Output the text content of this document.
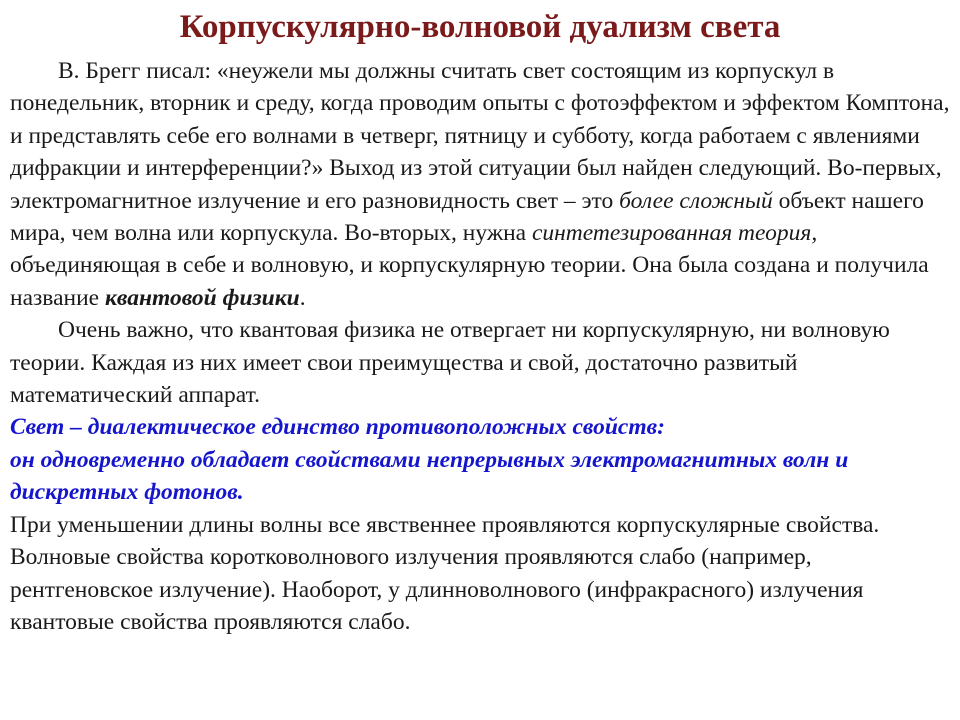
Корпускулярно-волновой дуализм света

В. Брегг писал: «неужели мы должны считать свет состоящим из корпускул в понедельник, вторник и среду, когда проводим опыты с фотоэффектом и эффектом Комптона, и представлять себе его волнами в четверг, пятницу и субботу, когда работаем с явлениями дифракции и интерференции?» Выход из этой ситуации был найден следующий. Во-первых, электромагнитное излучение и его разновидность свет – это более сложный объект нашего мира, чем волна или корпускула. Во-вторых, нужна синтетезированная теория, объединяющая в себе и волновую, и корпускулярную теории. Она была создана и получила название квантовой физики.

Очень важно, что квантовая физика не отвергает ни корпускулярную, ни волновую теории. Каждая из них имеет свои преимущества и свой, достаточно развитый математический аппарат.

Свет – диалектическое единство противоположных свойств:

он одновременно обладает свойствами непрерывных электромагнитных волн и дискретных фотонов.

При уменьшении длины волны все явственнее проявляются корпускулярные свойства. Волновые свойства коротковолнового излучения проявляются слабо (например, рентгеновское излучение). Наоборот, у длинноволнового (инфракрасного) излучения квантовые свойства проявляются слабо.
